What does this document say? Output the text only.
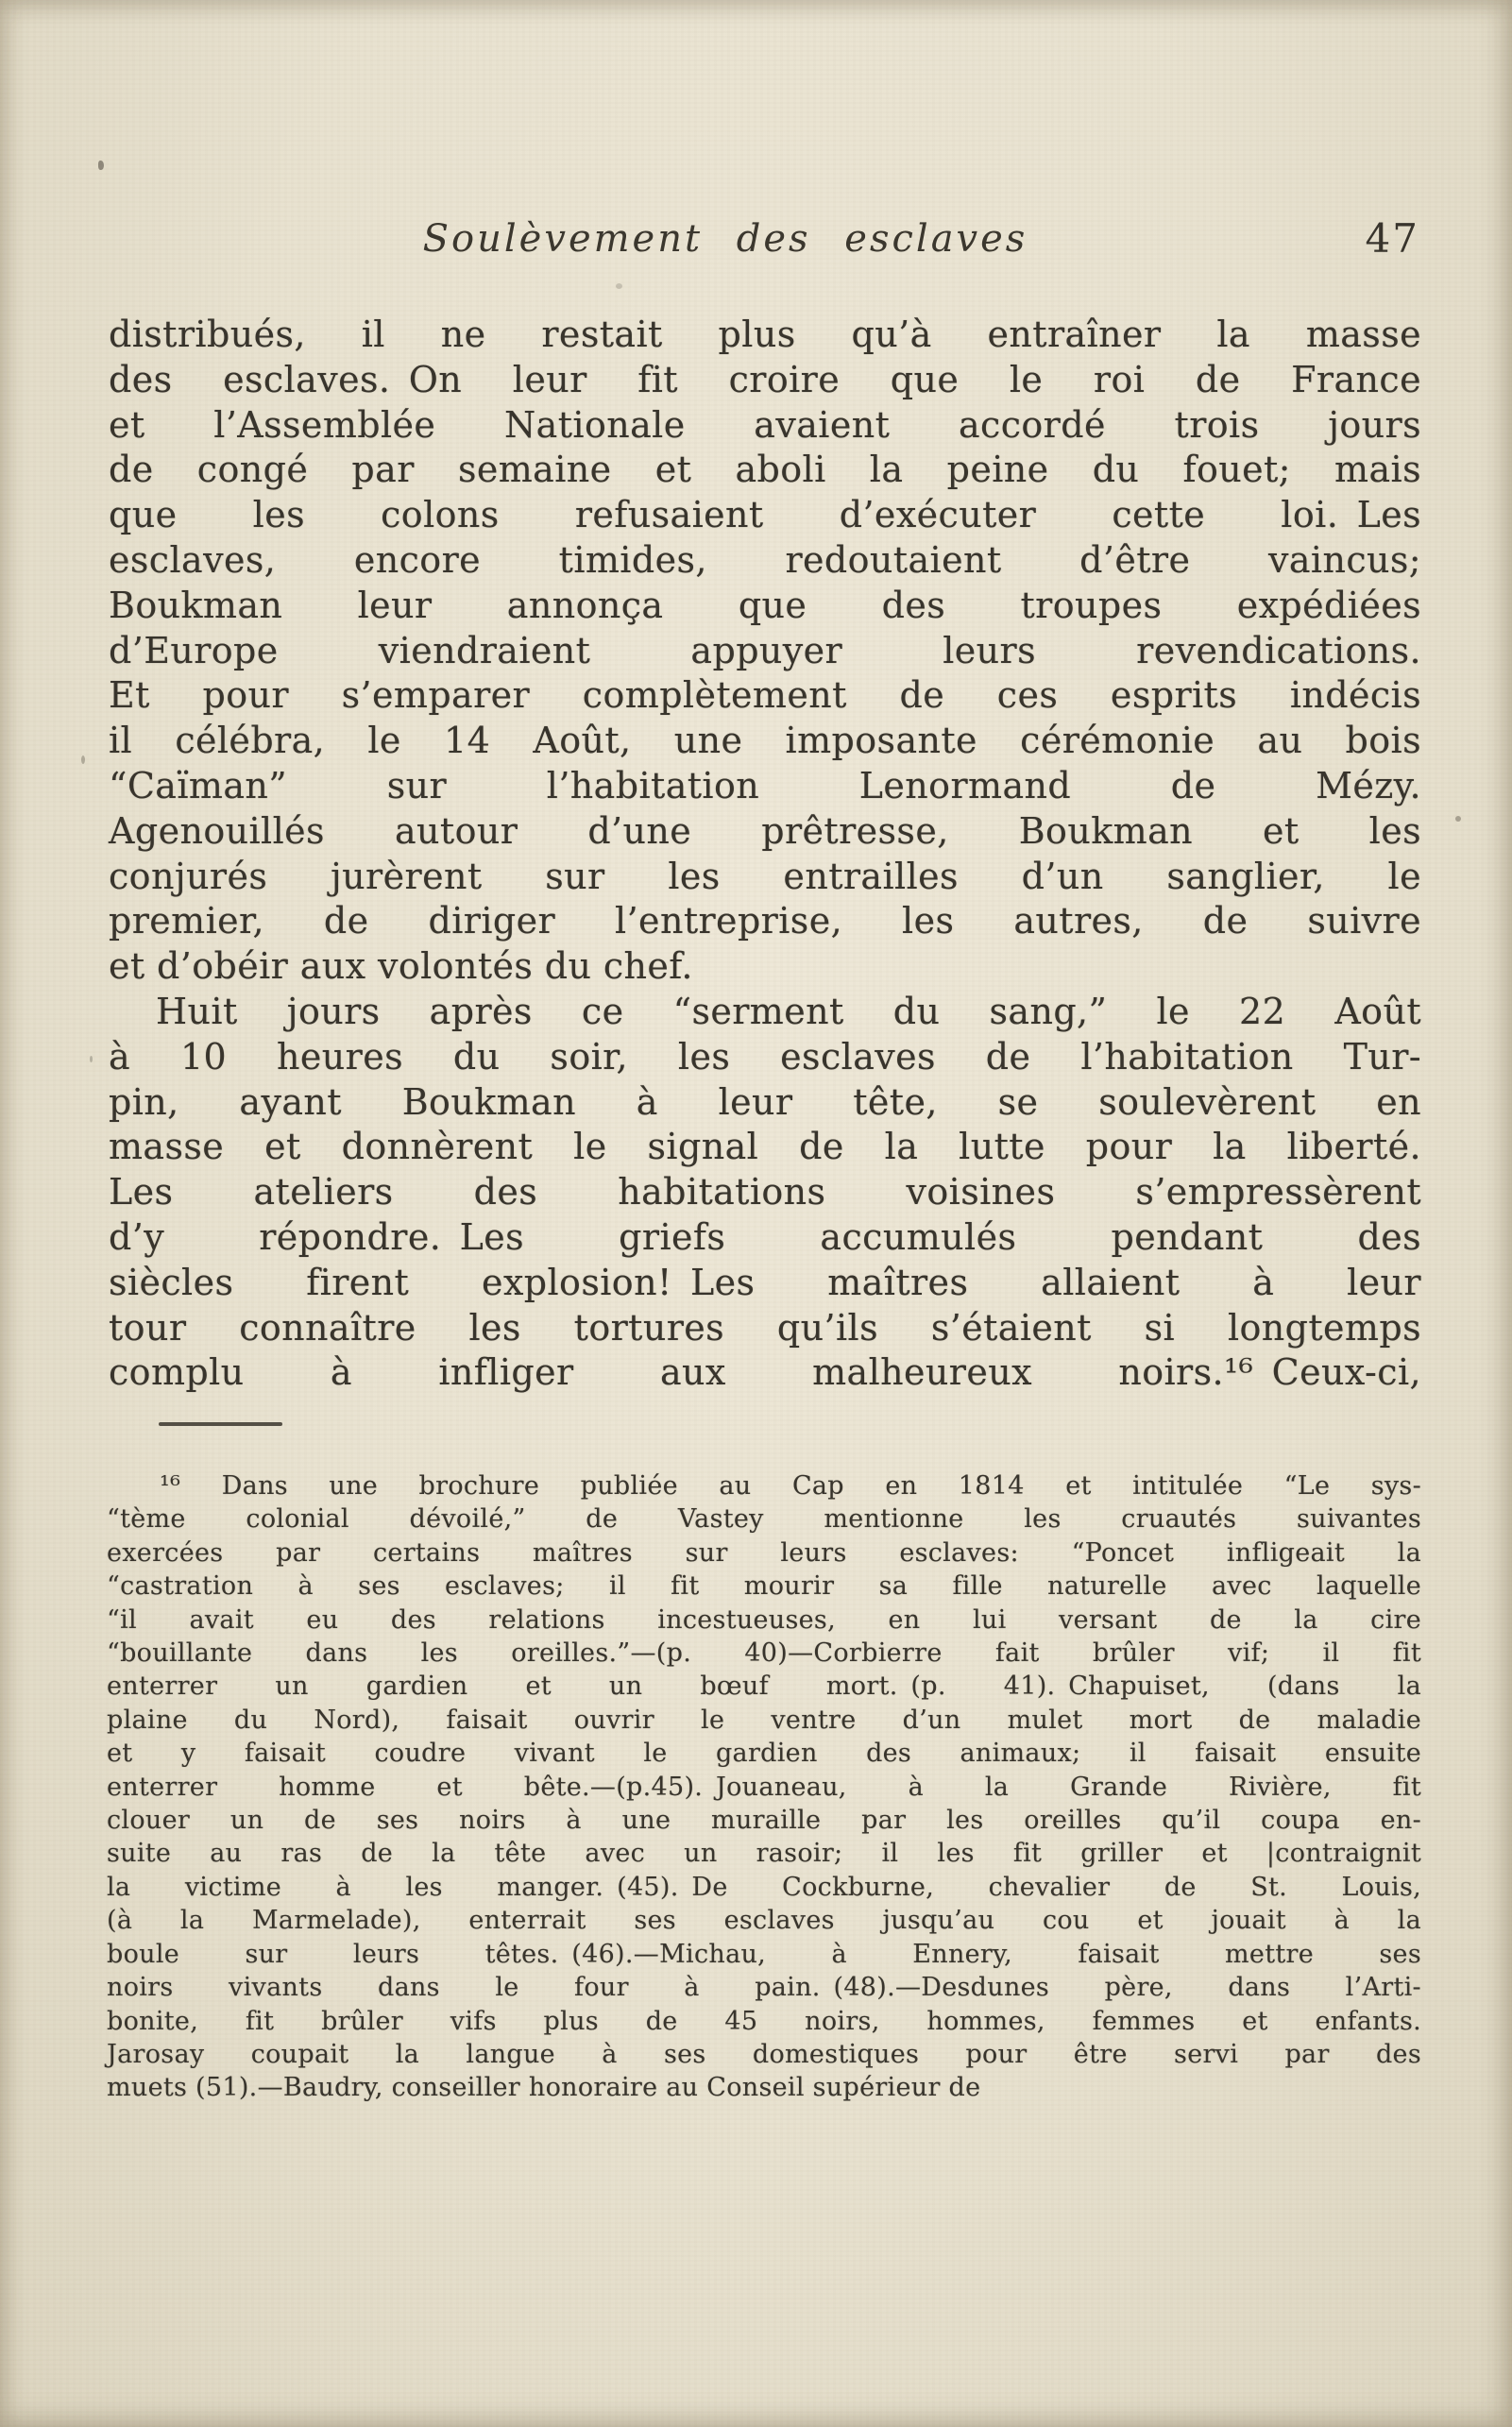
Soulèvement des esclaves	47
distribués, il ne restait plus qu’à entraîner la masse
des esclaves. On leur fit croire que le roi de France
et l’Assemblée Nationale avaient accordé trois jours
de congé par semaine et aboli la peine du fouet; mais
que les colons refusaient d’exécuter cette loi. Les
esclaves, encore timides, redoutaient d’être vaincus;
Boukman leur annonça que des troupes expédiées
d’Europe viendraient appuyer leurs revendications.
Et pour s’emparer complètement de ces esprits indécis
il célébra, le 14 Août, une imposante cérémonie au bois
“Caïman” sur l’habitation Lenormand de Mézy.
Agenouillés autour d’une prêtresse, Boukman et les
conjurés jurèrent sur les entrailles d’un sanglier, le
premier, de diriger l’entreprise, les autres, de suivre
et d’obéir aux volontés du chef.
Huit jours après ce “serment du sang,” le 22 Août
à 10 heures du soir, les esclaves de l’habitation Tur-
pin, ayant Boukman à leur tête, se soulevèrent en
masse et donnèrent le signal de la lutte pour la liberté.
Les ateliers des habitations voisines s’empressèrent
d’y répondre. Les griefs accumulés pendant des
siècles firent explosion! Les maîtres allaient à leur
tour connaître les tortures qu’ils s’étaient si longtemps
complu à infliger aux malheureux noirs.¹⁶ Ceux-ci,
¹⁶ Dans une brochure publiée au Cap en 1814 et intitulée “Le sys-
“tème colonial dévoilé,” de Vastey mentionne les cruautés suivantes
exercées par certains maîtres sur leurs esclaves: “Poncet infligeait la
“castration à ses esclaves; il fit mourir sa fille naturelle avec laquelle
“il avait eu des relations incestueuses, en lui versant de la cire
“bouillante dans les oreilles.”—(p. 40)—Corbierre fait brûler vif; il fit
enterrer un gardien et un bœuf mort. (p. 41). Chapuiset, (dans la
plaine du Nord), faisait ouvrir le ventre d’un mulet mort de maladie
et y faisait coudre vivant le gardien des animaux; il faisait ensuite
enterrer homme et bête.—(p.45). Jouaneau, à la Grande Rivière, fit
clouer un de ses noirs à une muraille par les oreilles qu’il coupa en-
suite au ras de la tête avec un rasoir; il les fit griller et |contraignit
la victime à les manger. (45). De Cockburne, chevalier de St. Louis,
(à la Marmelade), enterrait ses esclaves jusqu’au cou et jouait à la
boule sur leurs têtes. (46).—Michau, à Ennery, faisait mettre ses
noirs vivants dans le four à pain. (48).—Desdunes père, dans l’Arti-
bonite, fit brûler vifs plus de 45 noirs, hommes, femmes et enfants.
Jarosay coupait la langue à ses domestiques pour être servi par des
muets (51).—Baudry, conseiller honoraire au Conseil supérieur de
